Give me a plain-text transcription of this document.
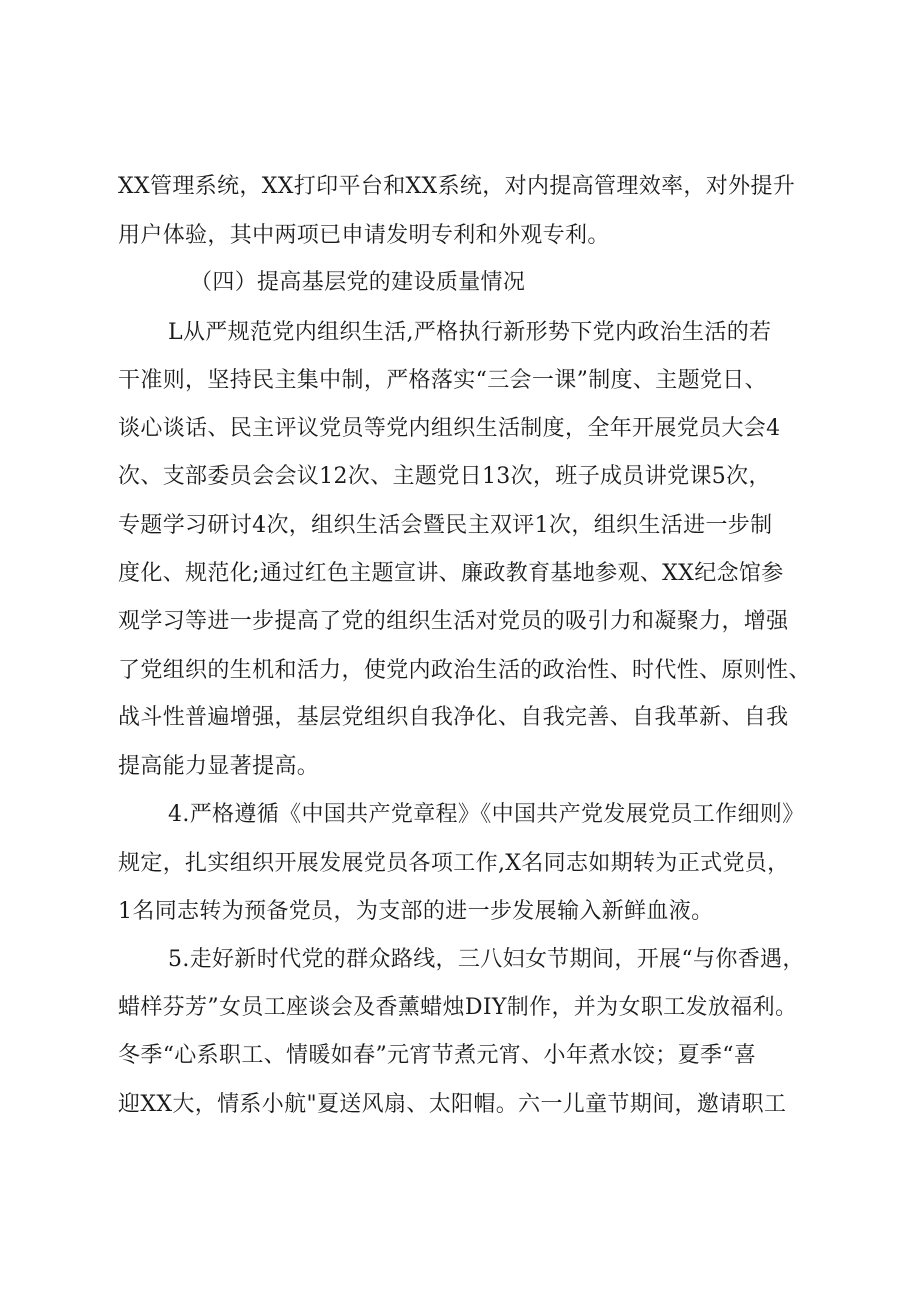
XX管理系统，XX打印平台和XX系统，对内提高管理效率，对外提升
用户体验，其中两项已申请发明专利和外观专利。
（四）提高基层党的建设质量情况
L从严规范党内组织生活,严格执行新形势下党内政治生活的若
干准则，坚持民主集中制，严格落实“三会一课”制度、主题党日、
谈心谈话、民主评议党员等党内组织生活制度，全年开展党员大会4
次、支部委员会会议12次、主题党日13次，班子成员讲党课5次，
专题学习研讨4次，组织生活会暨民主双评1次，组织生活进一步制
度化、规范化;通过红色主题宣讲、廉政教育基地参观、XX纪念馆参
观学习等进一步提高了党的组织生活对党员的吸引力和凝聚力，增强
了党组织的生机和活力，使党内政治生活的政治性、时代性、原则性、
战斗性普遍增强，基层党组织自我净化、自我完善、自我革新、自我
提高能力显著提高。
4.严格遵循《中国共产党章程》《中国共产党发展党员工作细则》
规定，扎实组织开展发展党员各项工作,X名同志如期转为正式党员，
1名同志转为预备党员，为支部的进一步发展输入新鲜血液。
5.走好新时代党的群众路线，三八妇女节期间，开展“与你香遇，
蜡样芬芳”女员工座谈会及香薰蜡烛DIY制作，并为女职工发放福利。
冬季“心系职工、情暖如春”元宵节煮元宵、小年煮水饺；夏季“喜
迎XX大，情系小航"夏送风扇、太阳帽。六一儿童节期间，邀请职工
